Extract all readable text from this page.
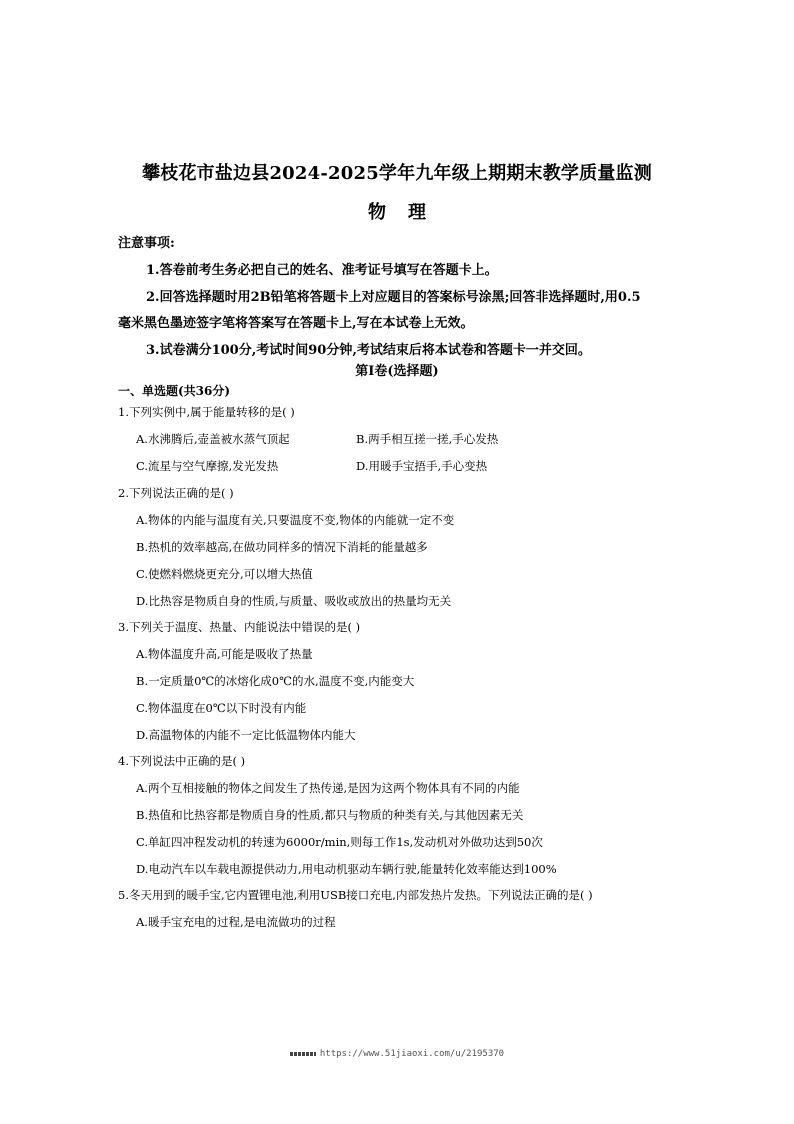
攀枝花市盐边县2024-2025学年九年级上期期末教学质量监测
物理
注意事项:
1.答卷前考生务必把自己的姓名、准考证号填写在答题卡上。
2.回答选择题时用2B铅笔将答题卡上对应题目的答案标号涂黑;回答非选择题时,用0.5
毫米黑色墨迹签字笔将答案写在答题卡上,写在本试卷上无效。
3.试卷满分100分,考试时间90分钟,考试结束后将本试卷和答题卡一并交回。
第Ⅰ卷(选择题)
一、单选题(共36分)
1.下列实例中,属于能量转移的是( )
A.水沸腾后,壶盖被水蒸气顶起	B.两手相互搓一搓,手心发热
C.流星与空气摩擦,发光发热	D.用暖手宝捂手,手心变热
2.下列说法正确的是( )
A.物体的内能与温度有关,只要温度不变,物体的内能就一定不变
B.热机的效率越高,在做功同样多的情况下消耗的能量越多
C.使燃料燃烧更充分,可以增大热值
D.比热容是物质自身的性质,与质量、吸收或放出的热量均无关
3.下列关于温度、热量、内能说法中错误的是( )
A.物体温度升高,可能是吸收了热量
B.一定质量0℃的冰熔化成0℃的水,温度不变,内能变大
C.物体温度在0℃以下时没有内能
D.高温物体的内能不一定比低温物体内能大
4.下列说法中正确的是( )
A.两个互相接触的物体之间发生了热传递,是因为这两个物体具有不同的内能
B.热值和比热容都是物质自身的性质,都只与物质的种类有关,与其他因素无关
C.单缸四冲程发动机的转速为6000r/min,则每工作1s,发动机对外做功达到50次
D.电动汽车以车载电源提供动力,用电动机驱动车辆行驶,能量转化效率能达到100%
5.冬天用到的暖手宝,它内置锂电池,利用USB接口充电,内部发热片发热。下列说法正确的是( )
A.暖手宝充电的过程,是电流做功的过程
https://www.51jiaoxi.com/u/2195370
